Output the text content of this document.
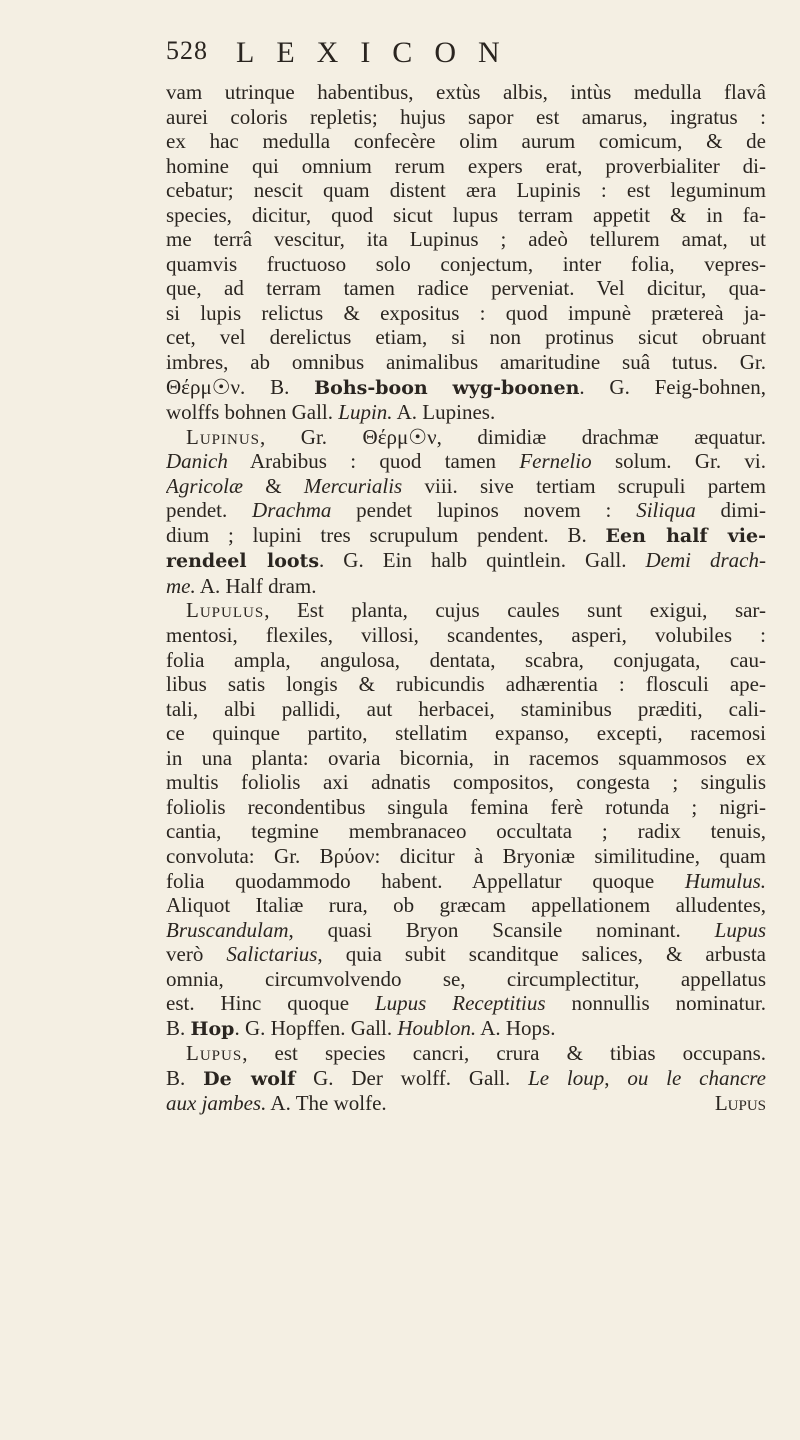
528 LEXICON
vam utrinque habentibus, extùs albis, intùs medulla flavâ
aurei coloris repletis; hujus sapor est amarus, ingratus :
ex hac medulla confecère olim aurum comicum, & de
homine qui omnium rerum expers erat, proverbialiter di-
cebatur; nescit quam distent æra Lupinis : est leguminum
species, dicitur, quod sicut lupus terram appetit & in fa-
me terrâ vescitur, ita Lupinus ; adeò tellurem amat, ut
quamvis fructuoso solo conjectum, inter folia, vepres-
que, ad terram tamen radice perveniat. Vel dicitur, qua-
si lupis relictus & expositus : quod impunè prætereà ja-
cet, vel derelictus etiam, si non protinus sicut obruant
imbres, ab omnibus animalibus amaritudine suâ tutus. Gr.
Θέρμ☉ν. B. Bohs-boon wyg-boonen. G. Feig-bohnen,
wolffs bohnen Gall. Lupin. A. Lupines.
Lupinus, Gr. Θέρμ☉ν, dimidiæ drachmæ æquatur.
Danich Arabibus : quod tamen Fernelio solum. Gr. vi.
Agricolæ & Mercurialis viii. sive tertiam scrupuli partem
pendet. Drachma pendet lupinos novem : Siliqua dimi-
dium ; lupini tres scrupulum pendent. B. Een half vie-
rendeel loots. G. Ein halb quintlein. Gall. Demi drach-
me. A. Half dram.
Lupulus, Est planta, cujus caules sunt exigui, sar-
mentosi, flexiles, villosi, scandentes, asperi, volubiles :
folia ampla, angulosa, dentata, scabra, conjugata, cau-
libus satis longis & rubicundis adhærentia : flosculi ape-
tali, albi pallidi, aut herbacei, staminibus præditi, cali-
ce quinque partito, stellatim expanso, excepti, racemosi
in una planta: ovaria bicornia, in racemos squammosos ex
multis foliolis axi adnatis compositos, congesta ; singulis
foliolis recondentibus singula femina ferè rotunda ; nigri-
cantia, tegmine membranaceo occultata ; radix tenuis,
convoluta: Gr. Βρύον: dicitur à Bryoniæ similitudine, quam
folia quodammodo habent. Appellatur quoque Humulus.
Aliquot Italiæ rura, ob græcam appellationem alludentes,
Bruscandulam, quasi Bryon Scansile nominant. Lupus
verò Salictarius, quia subit scanditque salices, & arbusta
omnia, circumvolvendo se, circumplectitur, appellatus
est. Hinc quoque Lupus Receptitius nonnullis nominatur.
B. Hop. G. Hopffen. Gall. Houblon. A. Hops.
Lupus, est species cancri, crura & tibias occupans.
B. De wolf G. Der wolff. Gall. Le loup, ou le chancre
aux jambes. A. The wolfe.	Lupus
